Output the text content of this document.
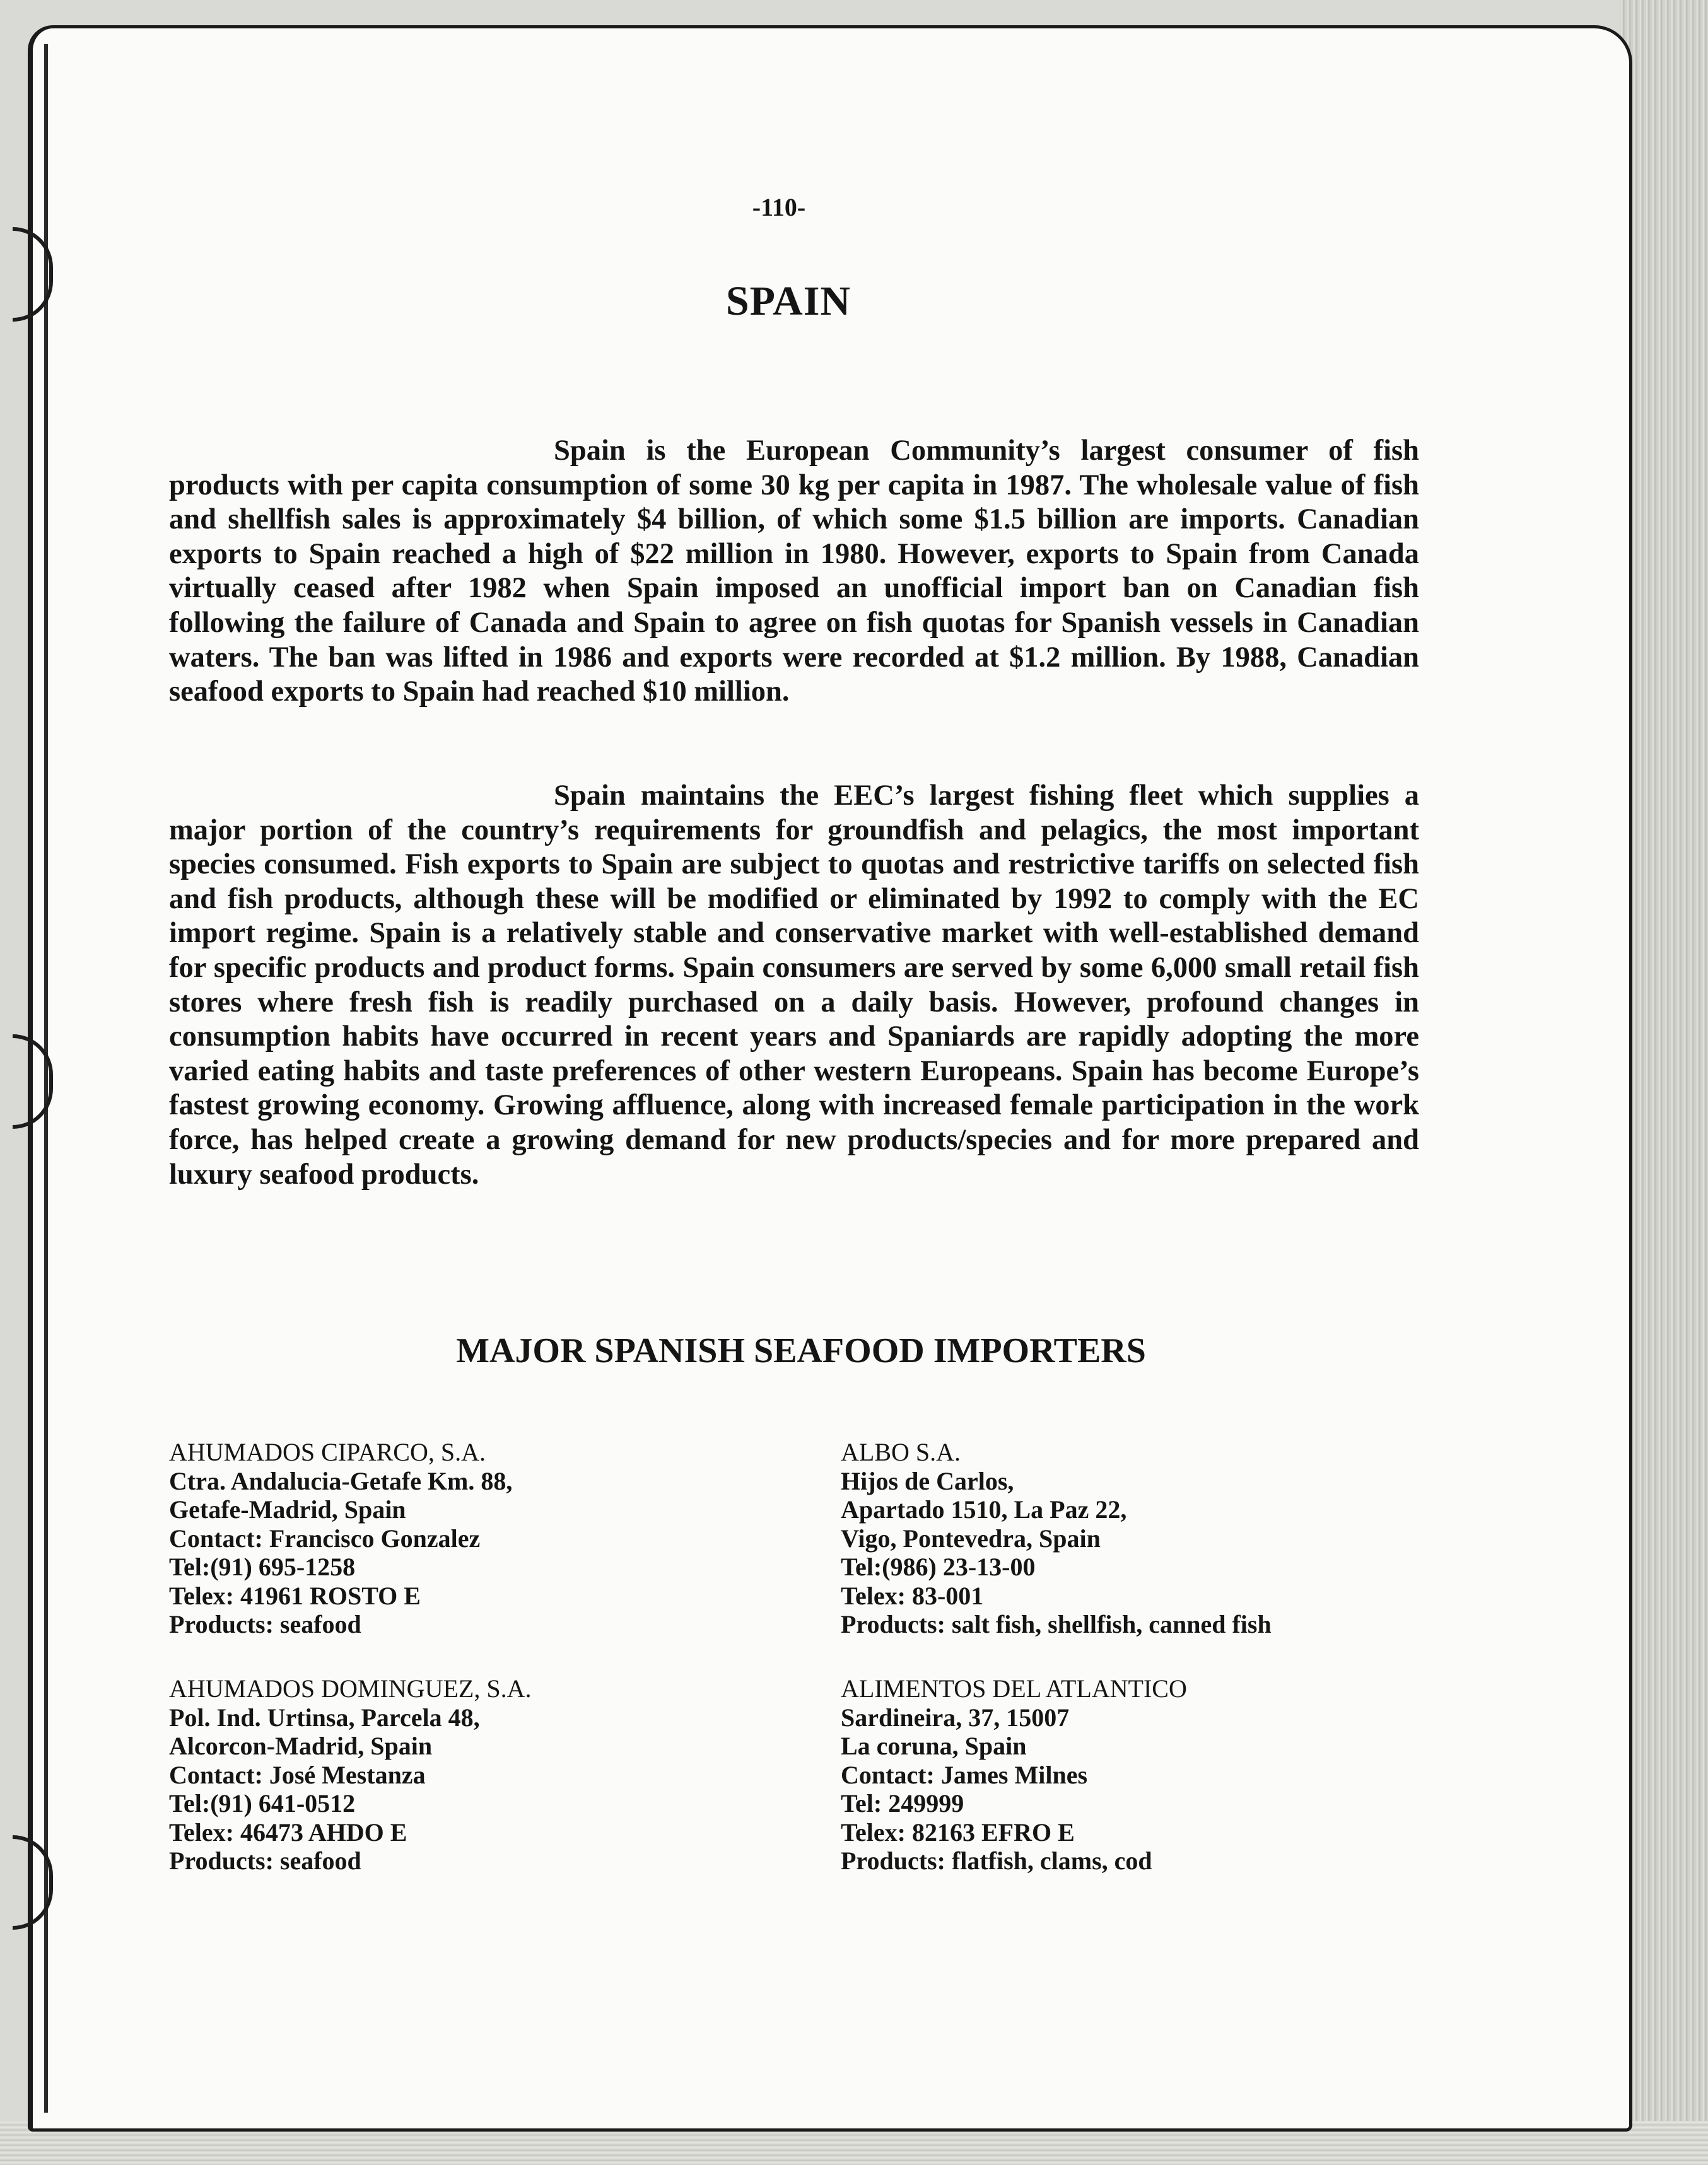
-110-
SPAIN

Spain is the European Community’s largest consumer of fish products with per capita consumption of some 30 kg per capita in 1987. The wholesale value of fish and shellfish sales is approximately $4 billion, of which some $1.5 billion are imports. Canadian exports to Spain reached a high of $22 million in 1980. However, exports to Spain from Canada virtually ceased after 1982 when Spain imposed an unofficial import ban on Canadian fish following the failure of Canada and Spain to agree on fish quotas for Spanish vessels in Canadian waters. The ban was lifted in 1986 and exports were recorded at $1.2 million. By 1988, Canadian seafood exports to Spain had reached $10 million.

Spain maintains the EEC’s largest fishing fleet which supplies a major portion of the country’s requirements for groundfish and pelagics, the most important species consumed. Fish exports to Spain are subject to quotas and restrictive tariffs on selected fish and fish products, although these will be modified or eliminated by 1992 to comply with the EC import regime. Spain is a relatively stable and conservative market with well-established demand for specific products and product forms. Spain consumers are served by some 6,000 small retail fish stores where fresh fish is readily purchased on a daily basis. However, profound changes in consumption habits have occurred in recent years and Spaniards are rapidly adopting the more varied eating habits and taste preferences of other western Europeans. Spain has become Europe’s fastest growing economy. Growing affluence, along with increased female participation in the work force, has helped create a growing demand for new products/species and for more prepared and luxury seafood products.

MAJOR SPANISH SEAFOOD IMPORTERS
AHUMADOS CIPARCO, S.A.
Ctra. Andalucia-Getafe Km. 88,
Getafe-Madrid, Spain
Contact: Francisco Gonzalez
Tel:(91) 695-1258
Telex: 41961 ROSTO E
Products: seafood
ALBO S.A.
Hijos de Carlos,
Apartado 1510, La Paz 22,
Vigo, Pontevedra, Spain
Tel:(986) 23-13-00
Telex: 83-001
Products: salt fish, shellfish, canned fish
AHUMADOS DOMINGUEZ, S.A.
Pol. Ind. Urtinsa, Parcela 48,
Alcorcon-Madrid, Spain
Contact: José Mestanza
Tel:(91) 641-0512
Telex: 46473 AHDO E
Products: seafood
ALIMENTOS DEL ATLANTICO
Sardineira, 37, 15007
La coruna, Spain
Contact: James Milnes
Tel: 249999
Telex: 82163 EFRO E
Products: flatfish, clams, cod
